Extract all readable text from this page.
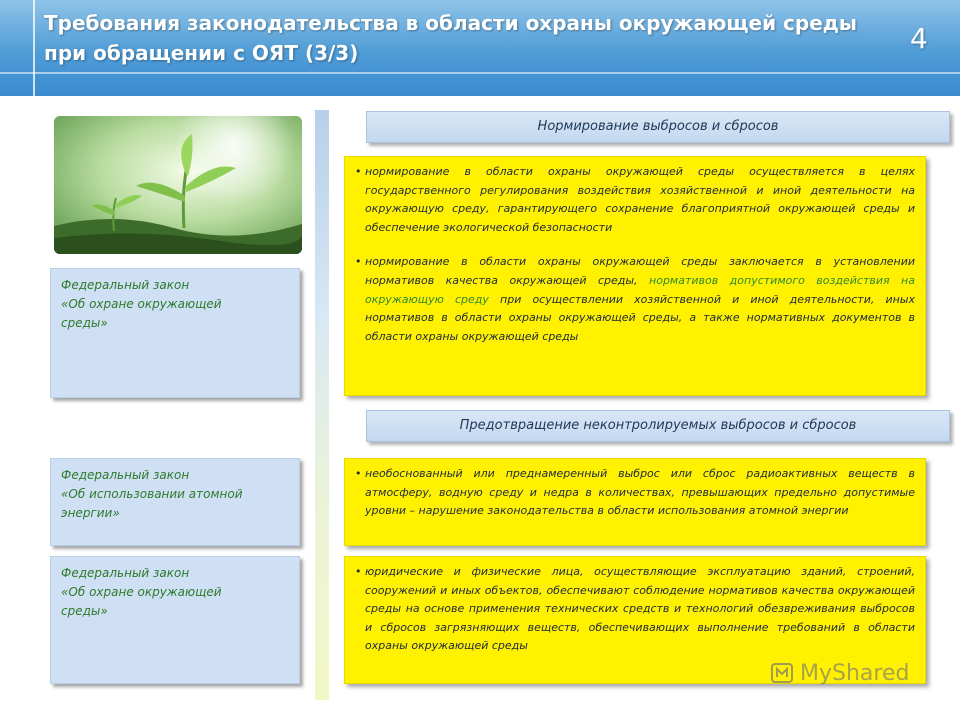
Требования законодательства в области охраны окружающей среды
при обращении с ОЯТ (3/3)	4
Федеральный закон
«Об охране окружающей
среды»
Федеральный закон
«Об использовании атомной
энергии»
Федеральный закон
«Об охране окружающей
среды»
Нормирование выбросов и сбросов
Предотвращение неконтролируемых выбросов и сбросов
• нормирование в области охраны окружающей среды осуществляется в целях государственного регулирования воздействия хозяйственной и иной деятельности на окружающую среду, гарантирующего сохранение благоприятной окружающей среды и обеспечение экологической безопасности
• нормирование в области охраны окружающей среды заключается в установлении нормативов качества окружающей среды, нормативов допустимого воздействия на окружающую среду при осуществлении хозяйственной и иной деятельности, иных нормативов в области охраны окружающей среды, а также нормативных документов в области охраны окружающей среды
• необоснованный или преднамеренный выброс или сброс радиоактивных веществ в атмосферу, водную среду и недра в количествах, превышающих предельно допустимые уровни – нарушение законодательства в области использования атомной энергии
• юридические и физические лица, осуществляющие эксплуатацию зданий, строений, сооружений и иных объектов, обеспечивают соблюдение нормативов качества окружающей среды на основе применения технических средств и технологий обезвреживания выбросов и сбросов загрязняющих веществ, обеспечивающих выполнение требований в области охраны окружающей среды
MyShared
